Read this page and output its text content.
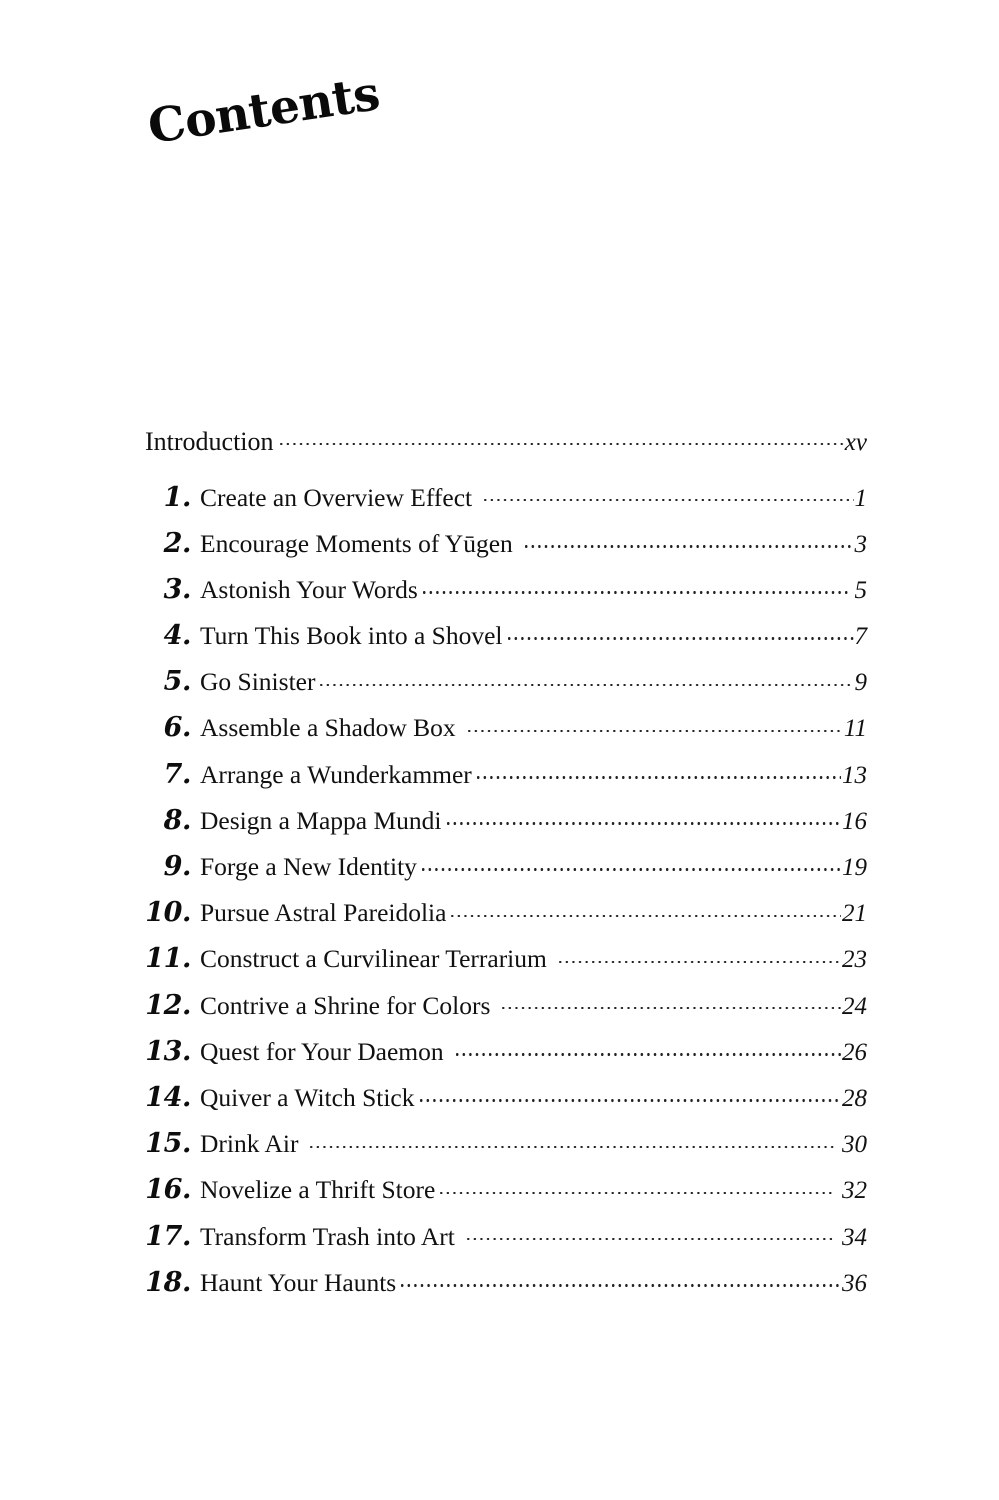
Contents
Introduction	xv
1. Create an Overview Effect	1
2. Encourage Moments of Yūgen	3
3. Astonish Your Words	5
4. Turn This Book into a Shovel	7
5. Go Sinister	9
6. Assemble a Shadow Box	11
7. Arrange a Wunderkammer	13
8. Design a Mappa Mundi	16
9. Forge a New Identity	19
10. Pursue Astral Pareidolia	21
11. Construct a Curvilinear Terrarium	23
12. Contrive a Shrine for Colors	24
13. Quest for Your Daemon	26
14. Quiver a Witch Stick	28
15. Drink Air	30
16. Novelize a Thrift Store	32
17. Transform Trash into Art	34
18. Haunt Your Haunts	36
